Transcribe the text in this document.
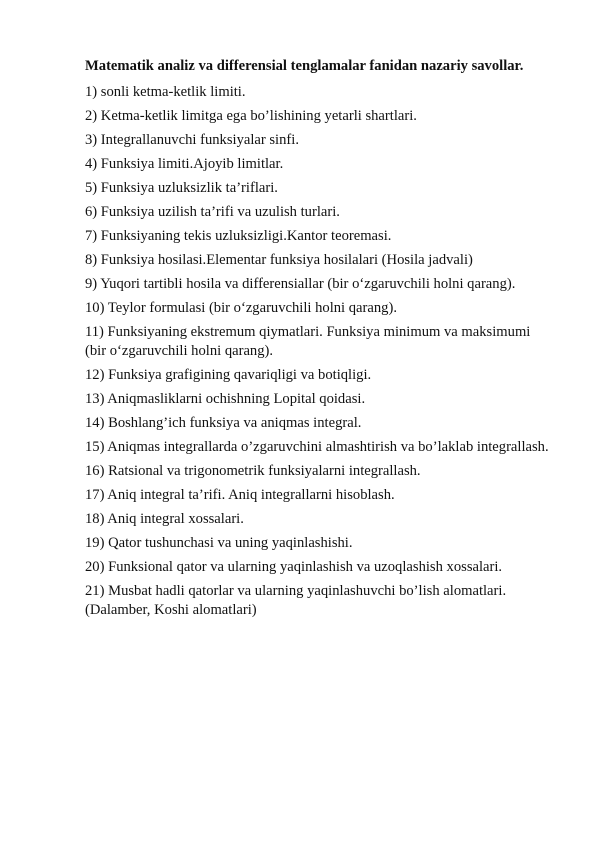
Matematik analiz va differensial tenglamalar fanidan nazariy savollar.
1) sonli ketma-ketlik limiti.
2) Ketma-ketlik limitga ega bo’lishining yetarli shartlari.
3) Integrallanuvchi funksiyalar sinfi.
4) Funksiya limiti.Ajoyib limitlar.
5) Funksiya uzluksizlik ta’riflari.
6) Funksiya uzilish ta’rifi va uzulish turlari.
7) Funksiyaning tekis uzluksizligi.Kantor teoremasi.
8) Funksiya hosilasi.Elementar funksiya hosilalari (Hosila jadvali)
9) Yuqori tartibli hosila va differensiallar (bir o‘zgaruvchili holni qarang).
10) Teylor formulasi (bir o‘zgaruvchili holni qarang).
11) Funksiyaning ekstremum qiymatlari. Funksiya minimum va maksimumi (bir o‘zgaruvchili holni qarang).
12) Funksiya grafigining qavariqligi va botiqligi.
13) Aniqmasliklarni ochishning Lopital qoidasi.
14) Boshlang’ich funksiya va aniqmas integral.
15) Aniqmas integrallarda o’zgaruvchini almashtirish va bo’laklab integrallash.
16) Ratsional va trigonometrik funksiyalarni integrallash.
17) Aniq integral ta’rifi. Aniq integrallarni hisoblash.
18) Aniq integral xossalari.
19) Qator tushunchasi va uning yaqinlashishi.
20) Funksional qator va ularning yaqinlashish va uzoqlashish xossalari.
21) Musbat hadli qatorlar va ularning yaqinlashuvchi bo’lish alomatlari. (Dalamber, Koshi alomatlari)
